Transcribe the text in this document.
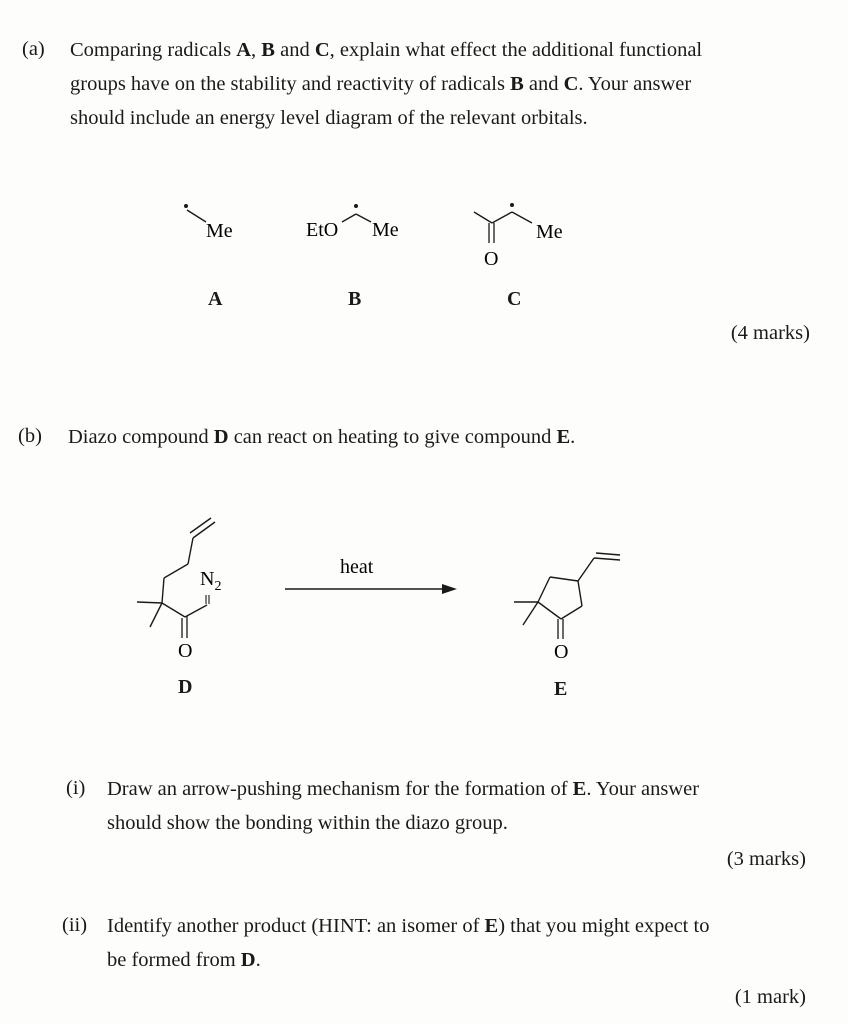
(a) Comparing radicals A, B and C, explain what effect the additional functional
groups have on the stability and reactivity of radicals B and C. Your answer
should include an energy level diagram of the relevant orbitals.
Me	EtO Me
O
Me
A	B	C
(4 marks)
(b) Diazo compound D can react on heating to give compound E.
O
$N_2$
heat
O
D	E
(i) Draw an arrow-pushing mechanism for the formation of E. Your answer
should show the bonding within the diazo group.
(3 marks)
(ii) Identify another product (HINT: an isomer of E) that you might expect to
be formed from D.
(1 mark)
